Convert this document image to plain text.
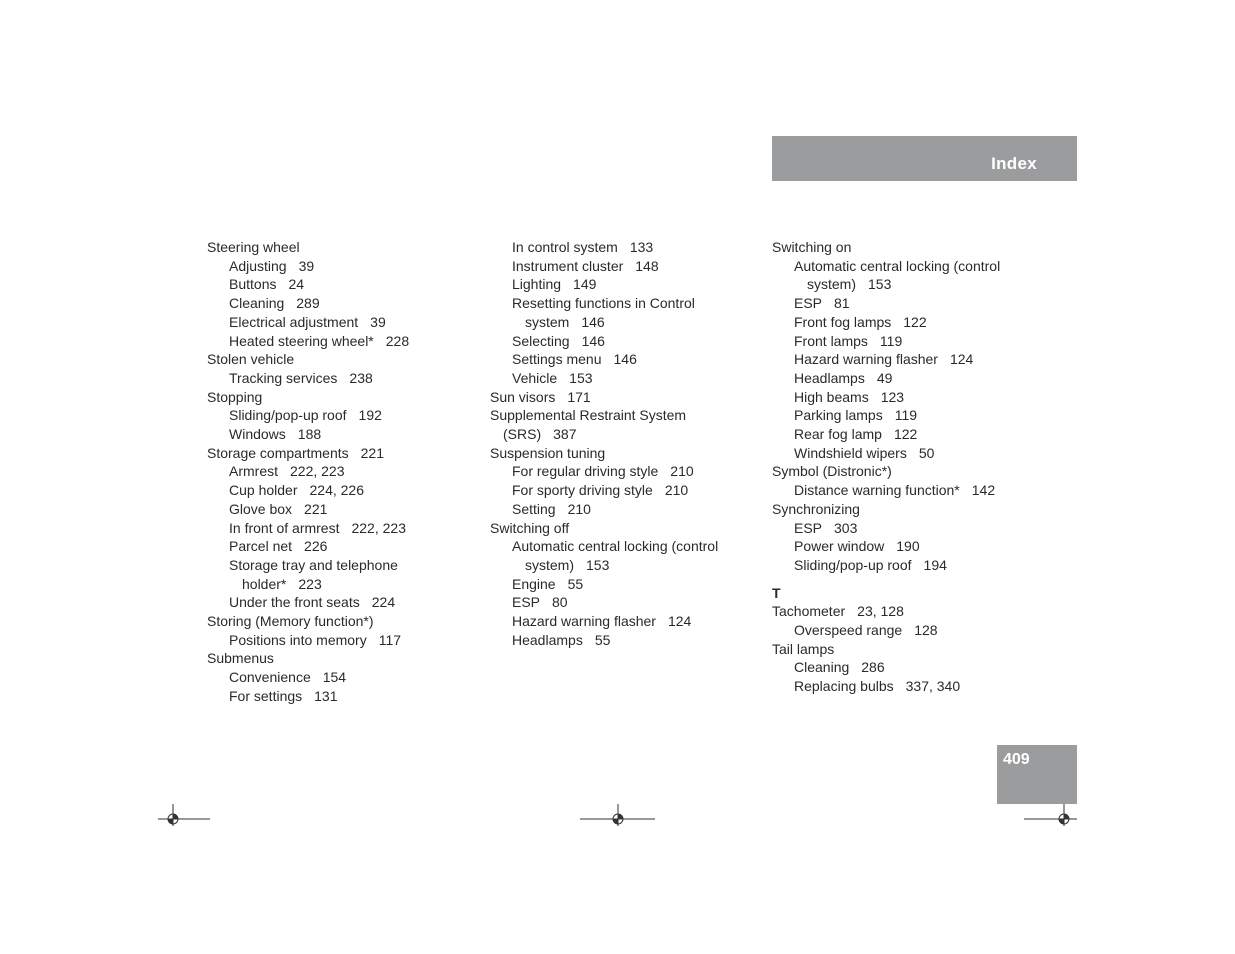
Index
Steering wheel
Adjusting 39
Buttons 24
Cleaning 289
Electrical adjustment 39
Heated steering wheel* 228
Stolen vehicle
Tracking services 238
Stopping
Sliding/pop-up roof 192
Windows 188
Storage compartments 221
Armrest 222, 223
Cup holder 224, 226
Glove box 221
In front of armrest 222, 223
Parcel net 226
Storage tray and telephone
holder* 223
Under the front seats 224
Storing (Memory function*)
Positions into memory 117
Submenus
Convenience 154
For settings 131
In control system 133
Instrument cluster 148
Lighting 149
Resetting functions in Control
system 146
Selecting 146
Settings menu 146
Vehicle 153
Sun visors 171
Supplemental Restraint System
(SRS) 387
Suspension tuning
For regular driving style 210
For sporty driving style 210
Setting 210
Switching off
Automatic central locking (control
system) 153
Engine 55
ESP 80
Hazard warning flasher 124
Headlamps 55
Switching on
Automatic central locking (control
system) 153
ESP 81
Front fog lamps 122
Front lamps 119
Hazard warning flasher 124
Headlamps 49
High beams 123
Parking lamps 119
Rear fog lamp 122
Windshield wipers 50
Symbol (Distronic*)
Distance warning function* 142
Synchronizing
ESP 303
Power window 190
Sliding/pop-up roof 194
T
Tachometer 23, 128
Overspeed range 128
Tail lamps
Cleaning 286
Replacing bulbs 337, 340
409
